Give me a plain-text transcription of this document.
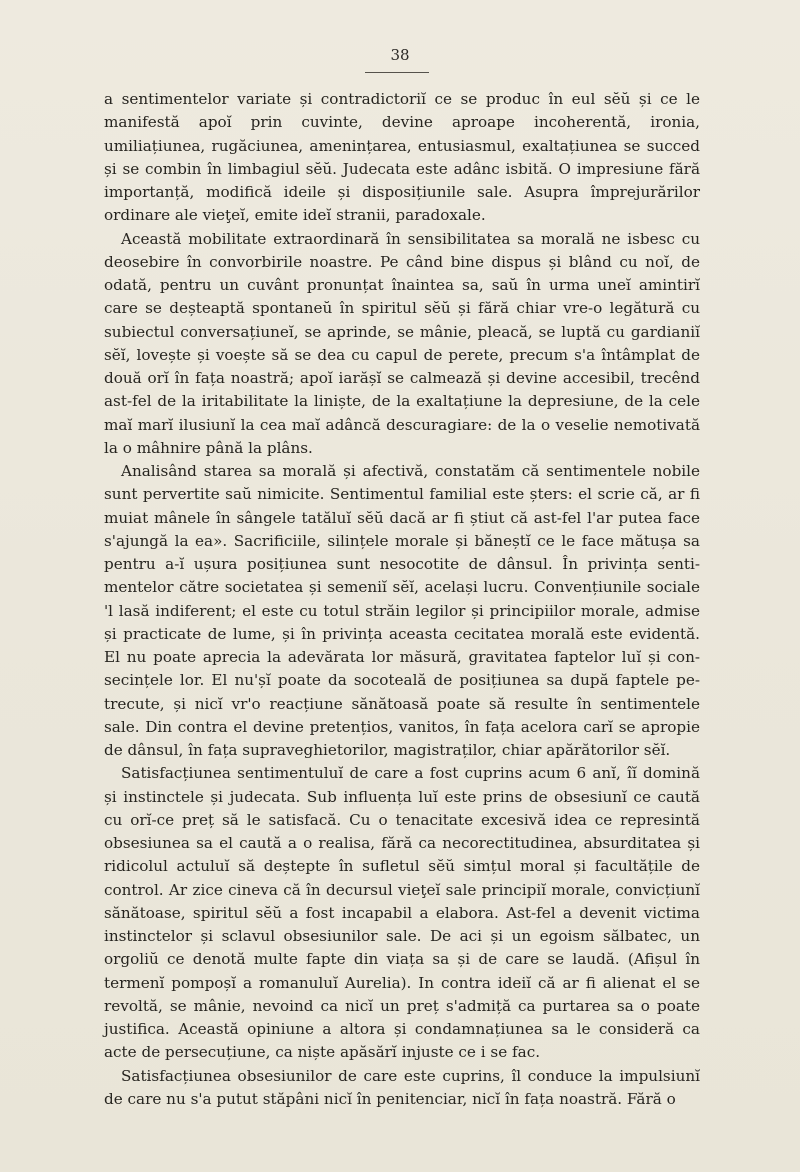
38

a sentimentelor variate și contradictoriĭ ce se produc în eul sĕŭ și ce le manifestă apoĭ prin cuvinte, devine aproape incoherentă, ironia, umiliațiunea, rugăciunea, amenințarea, entusiasmul, exaltațiunea se succed și se combin în limbagiul sĕŭ. Judecata este adânc isbită. O impresiune fără importanță, modifică ideile și disposițiunile sale. Asupra împrejurărilor ordinare ale vieţeĭ, emite ideĭ stranii, paradoxale.

Această mobilitate extraordinară în sensibilitatea sa morală ne isbesc cu deosebire în convorbirile noastre. Pe când bine dispus și blând cu noĭ, de odată, pentru un cuvânt pronunțat înaintea sa, saŭ în urma uneĭ amintirĭ care se deșteaptă spontaneŭ în spiritul sĕŭ și fără chiar vre-o legătură cu subiectul conversațiuneĭ, se aprinde, se mânie, pleacă, se luptă cu gardianiĭ sĕĭ, lovește și voește să se dea cu capul de perete, precum s'a întâmplat de două orĭ în fața noastră; apoĭ iarășĭ se calmează și devine accesibil, trecênd ast-fel de la iritabilitate la liniște, de la exaltațiune la depresiune, de la cele maĭ marĭ ilusiunĭ la cea maĭ adâncă descuragiare: de la o veselie nemotivată la o mâhnire până la plâns.

Analisând starea sa morală și afectivă, constatăm că sentimentele nobile sunt pervertite saŭ nimicite. Sentimentul familial este șters: el scrie că, ar fi muiat mânele în sângele tatăluĭ sĕŭ dacă ar fi știut că ast-fel l'ar putea face s'ajungă la ea». Sacrificiile, silințele morale și băneștĭ ce le face mătușa sa pentru a-ĭ ușura posițiunea sunt nesocotite de dânsul. În privința senti-mentelor către societatea și semeniĭ sĕĭ, același lucru. Convențiunile sociale 'l lasă indiferent; el este cu totul străin legilor și principiilor morale, admise și practicate de lume, și în privința aceasta cecitatea morală este evidentă. El nu poate aprecia la adevărata lor măsură, gravitatea faptelor luĭ și con-secințele lor. El nu'șĭ poate da socoteală de posițiunea sa după faptele pe-trecute, și nicĭ vr'o reacțiune sănătoasă poate să resulte în sentimentele sale. Din contra el devine pretențios, vanitos, în fața acelora carĭ se apropie de dânsul, în fața supraveghietorilor, magistraților, chiar apărătorilor sĕĭ.

Satisfacțiunea sentimentuluĭ de care a fost cuprins acum 6 anĭ, îĭ domină și instinctele și judecata. Sub influența luĭ este prins de obsesiunĭ ce caută cu orĭ-ce preț să le satisfacă. Cu o tenacitate excesivă idea ce represintă obsesiunea sa el caută a o realisa, fără ca necorectitudinea, absurditatea și ridicolul actuluĭ să deștepte în sufletul sĕŭ simțul moral și facultățile de control. Ar zice cineva că în decursul vieţeĭ sale principiĭ morale, convicțiunĭ sănătoase, spiritul sĕŭ a fost incapabil a elabora. Ast-fel a devenit victima instinctelor și sclavul obsesiunilor sale. De aci și un egoism sălbatec, un orgoliŭ ce denotă multe fapte din viața sa și de care se laudă. (Afișul în termenĭ pompoșĭ a romanuluĭ Aurelia). In contra ideiĭ că ar fi alienat el se revoltă, se mânie, nevoind ca nicĭ un preț s'admiță ca purtarea sa o poate justifica. Această opiniune a altora și condamnațiunea sa le consideră ca acte de persecuțiune, ca niște apăsărĭ injuste ce i se fac.

Satisfacțiunea obsesiunilor de care este cuprins, îl conduce la impulsiunĭ de care nu s'a putut stăpâni nicĭ în penitenciar, nicĭ în fața noastră. Fără o
